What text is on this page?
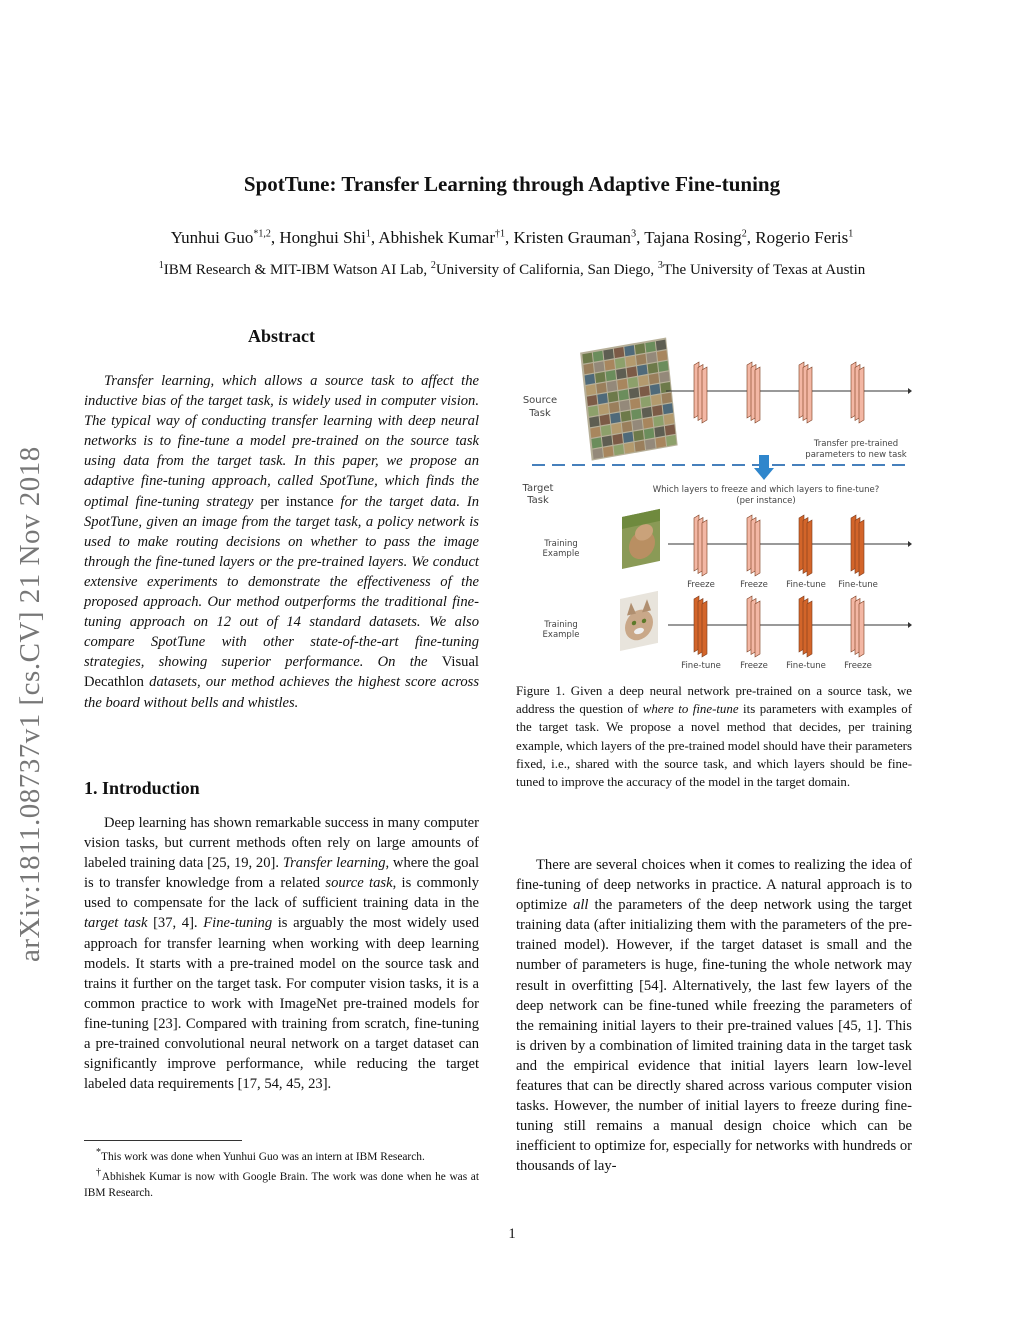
arXiv:1811.08737v1 [cs.CV] 21 Nov 2018
SpotTune: Transfer Learning through Adaptive Fine-tuning
Yunhui Guo$^{*1,2}$, Honghui Shi$^1$, Abhishek Kumar$^{\dagger 1}$, Kristen Grauman$^3$, Tajana Rosing$^2$, Rogerio Feris$^1$
$^1$IBM Research & MIT-IBM Watson AI Lab, $^2$University of California, San Diego, $^3$The University of Texas at Austin
Abstract

Transfer learning, which allows a source task to affect the inductive bias of the target task, is widely used in computer vision. The typical way of conducting transfer learning with deep neural networks is to fine-tune a model pre-trained on the source task using data from the target task. In this paper, we propose an adaptive fine-tuning approach, called SpotTune, which finds the optimal fine-tuning strategy per instance for the target data. In SpotTune, given an image from the target task, a policy network is used to make routing decisions on whether to pass the image through the fine-tuned layers or the pre-trained layers. We conduct extensive experiments to demonstrate the effectiveness of the proposed approach. Our method outperforms the traditional fine-tuning approach on 12 out of 14 standard datasets. We also compare SpotTune with other state-of-the-art fine-tuning strategies, showing superior performance. On the Visual Decathlon datasets, our method achieves the highest score across the board without bells and whistles.

1. Introduction

Deep learning has shown remarkable success in many computer vision tasks, but current methods often rely on large amounts of labeled training data [25, 19, 20]. Transfer learning, where the goal is to transfer knowledge from a related source task, is commonly used to compensate for the lack of sufficient training data in the target task [37, 4]. Fine-tuning is arguably the most widely used approach for transfer learning when working with deep learning models. It starts with a pre-trained model on the source task and trains it further on the target task. For computer vision tasks, it is a common practice to work with ImageNet pre-trained models for fine-tuning [23]. Compared with training from scratch, fine-tuning a pre-trained convolutional neural network on a target dataset can significantly improve performance, while reducing the target labeled data requirements [17, 54, 45, 23].

*This work was done when Yunhui Guo was an intern at IBM Research.
†Abhishek Kumar is now with Google Brain. The work was done when he was at IBM Research.
Source
Task
Transfer pre-trained
parameters to new task
Target
Task
Which layers to freeze and which layers to fine-tune?
(per instance)
Training
Example
Freeze	Freeze Fine-tune Fine-tune
Training
Example
Fine-tune Freeze Fine-tune Freeze
Figure 1. Given a deep neural network pre-trained on a source task, we address the question of where to fine-tune its parameters with examples of the target task. We propose a novel method that decides, per training example, which layers of the pre-trained model should have their parameters fixed, i.e., shared with the source task, and which layers should be fine-tuned to improve the accuracy of the model in the target domain.

There are several choices when it comes to realizing the idea of fine-tuning of deep networks in practice. A natural approach is to optimize all the parameters of the deep network using the target training data (after initializing them with the parameters of the pre-trained model). However, if the target dataset is small and the number of parameters is huge, fine-tuning the whole network may result in overfitting [54]. Alternatively, the last few layers of the deep network can be fine-tuned while freezing the parameters of the remaining initial layers to their pre-trained values [45, 1]. This is driven by a combination of limited training data in the target task and the empirical evidence that initial layers learn low-level features that can be directly shared across various computer vision tasks. However, the number of initial layers to freeze during fine-tuning still remains a manual design choice which can be inefficient to optimize for, especially for networks with hundreds or thousands of lay-

1
